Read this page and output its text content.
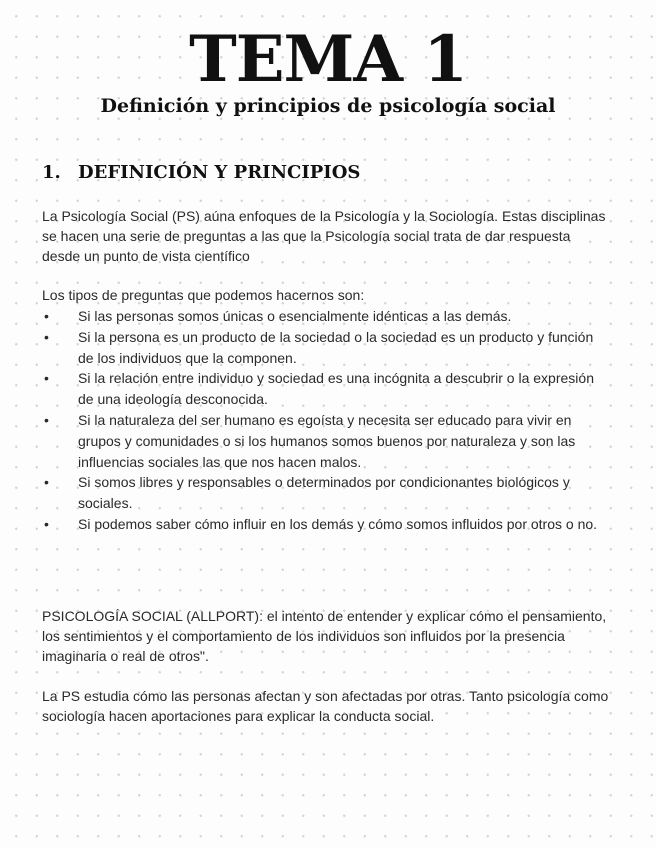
TEMA 1
Definición y principios de psicología social
1. DEFINICIÓN Y PRINCIPIOS
La Psicología Social (PS) aúna enfoques de la Psicología y la Sociología. Estas disciplinas se hacen una serie de preguntas a las que la Psicología social trata de dar respuesta desde un punto de vista científico
Los tipos de preguntas que podemos hacernos son:
• Si las personas somos únicas o esencialmente idénticas a las demás.
• Si la persona es un producto de la sociedad o la sociedad es un producto y función de los individuos que la componen.
• Si la relación entre individuo y sociedad es una incógnita a descubrir o la expresión de una ideología desconocida.
• Si la naturaleza del ser humano es egoísta y necesita ser educado para vivir en grupos y comunidades o si los humanos somos buenos por naturaleza y son las influencias sociales las que nos hacen malos.
• Si somos libres y responsables o determinados por condicionantes biológicos y sociales.
• Si podemos saber cómo influir en los demás y cómo somos influidos por otros o no.
PSICOLOGÍA SOCIAL (ALLPORT): el intento de entender y explicar cómo el pensamiento, los sentimientos y el comportamiento de los individuos son influidos por la presencia imaginaria o real de otros".
La PS estudia cómo las personas afectan y son afectadas por otras. Tanto psicología como sociología hacen aportaciones para explicar la conducta social.
